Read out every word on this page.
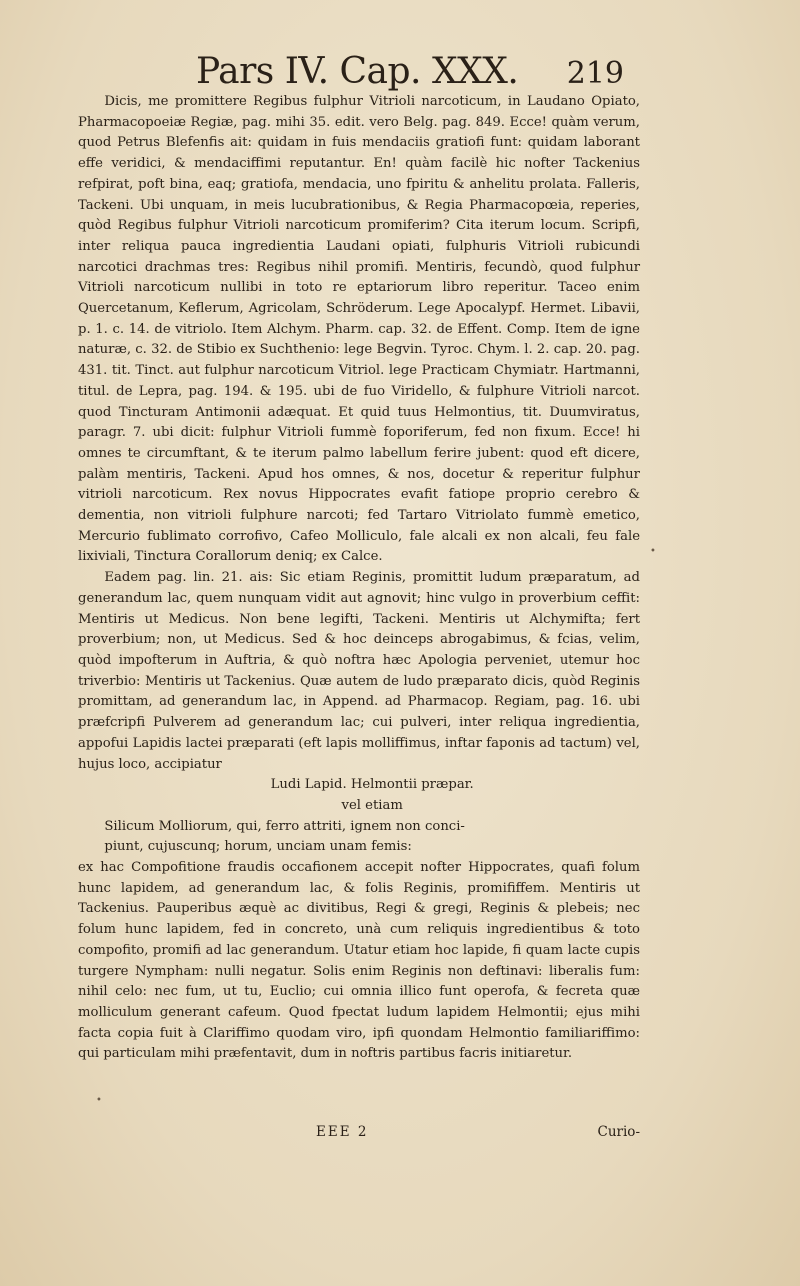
Pars IV. Cap. XXX. 219

Dicis, me promittere Regibus fulphur Vitrioli narcoticum, in Laudano Opiato, Pharmacopoeiæ Regiæ, pag. mihi 35. edit. vero Belg. pag. 849. Ecce! quàm verum, quod Petrus Blefenfis ait: quidam in fuis mendaciis gratiofi funt: quidam laborant effe veridici, & mendaciffimi reputantur. En! quàm facilè hic nofter Tackenius refpirat, poft bina, eaq; gratiofa, mendacia, uno fpiritu & anhelitu prolata. Falleris, Tackeni. Ubi unquam, in meis lucubrationibus, & Regia Pharmacopœia, reperies, quòd Regibus fulphur Vitrioli narcoticum promiferim? Cita iterum locum. Scripfi, inter reliqua pauca ingredientia Laudani opiati, fulphuris Vitrioli rubicundi narcotici drachmas tres: Regibus nihil promifi. Mentiris, fecundò, quod fulphur Vitrioli narcoticum nullibi in toto re eptariorum libro reperitur. Taceo enim Quercetanum, Keflerum, Agricolam, Schröderum. Lege Apocalypf. Hermet. Libavii, p. 1. c. 14. de vitriolo. Item Alchym. Pharm. cap. 32. de Effent. Comp. Item de igne naturæ, c. 32. de Stibio ex Suchthenio: lege Begvin. Tyroc. Chym. l. 2. cap. 20. pag. 431. tit. Tinct. aut fulphur narcoticum Vitriol. lege Practicam Chymiatr. Hartmanni, titul. de Lepra, pag. 194. & 195. ubi de fuo Viridello, & fulphure Vitrioli narcot. quod Tincturam Antimonii adæquat. Et quid tuus Helmontius, tit. Duumviratus, paragr. 7. ubi dicit: fulphur Vitrioli fummè foporiferum, fed non fixum. Ecce! hi omnes te circumftant, & te iterum palmo labellum ferire jubent: quod eft dicere, palàm mentiris, Tackeni. Apud hos omnes, & nos, docetur & reperitur fulphur vitrioli narcoticum. Rex novus Hippocrates evafit fatiope proprio cerebro & dementia, non vitrioli fulphure narcoti; fed Tartaro Vitriolato fummè emetico, Mercurio fublimato corrofivo, Cafeo Molliculo, fale alcali ex non alcali, feu fale lixiviali, Tinctura Corallorum deniq; ex Calce.

Eadem pag. lin. 21. ais: Sic etiam Reginis, promittit ludum præparatum, ad generandum lac, quem nunquam vidit aut agnovit; hinc vulgo in proverbium ceffit: Mentiris ut Medicus. Non bene legifti, Tackeni. Mentiris ut Alchymifta; fert proverbium; non, ut Medicus. Sed & hoc deinceps abrogabimus, & fcias, velim, quòd impofterum in Auftria, & quò noftra hæc Apologia perveniet, utemur hoc triverbio: Mentiris ut Tackenius. Quæ autem de ludo præparato dicis, quòd Reginis promittam, ad generandum lac, in Append. ad Pharmacop. Regiam, pag. 16. ubi præfcripfi Pulverem ad generandum lac; cui pulveri, inter reliqua ingredientia, appofui Lapidis lactei præparati (eft lapis molliffimus, inftar faponis ad tactum) vel, hujus loco, accipiatur

Ludi Lapid. Helmontii præpar.

vel etiam

Silicum Molliorum, qui, ferro attriti, ignem non conci-

piunt, cujuscunq; horum, unciam unam femis:

ex hac Compofitione fraudis occafionem accepit nofter Hippocrates, quafi folum hunc lapidem, ad generandum lac, & folis Reginis, promififfem. Mentiris ut Tackenius. Pauperibus æquè ac divitibus, Regi & gregi, Reginis & plebeis; nec folum hunc lapidem, fed in concreto, unà cum reliquis ingredientibus & toto compofito, promifi ad lac generandum. Utatur etiam hoc lapide, fi quam lacte cupis turgere Nympham: nulli negatur. Solis enim Reginis non deftinavi: liberalis fum: nihil celo: nec fum, ut tu, Euclio; cui omnia illico funt operofa, & fecreta quæ molliculum generant cafeum. Quod fpectat ludum lapidem Helmontii; ejus mihi facta copia fuit à Clariffimo quodam viro, ipfi quondam Helmontio familiariffimo: qui particulam mihi præfentavit, dum in noftris partibus facris initiaretur.

EEE 2	Curio-
•
•
